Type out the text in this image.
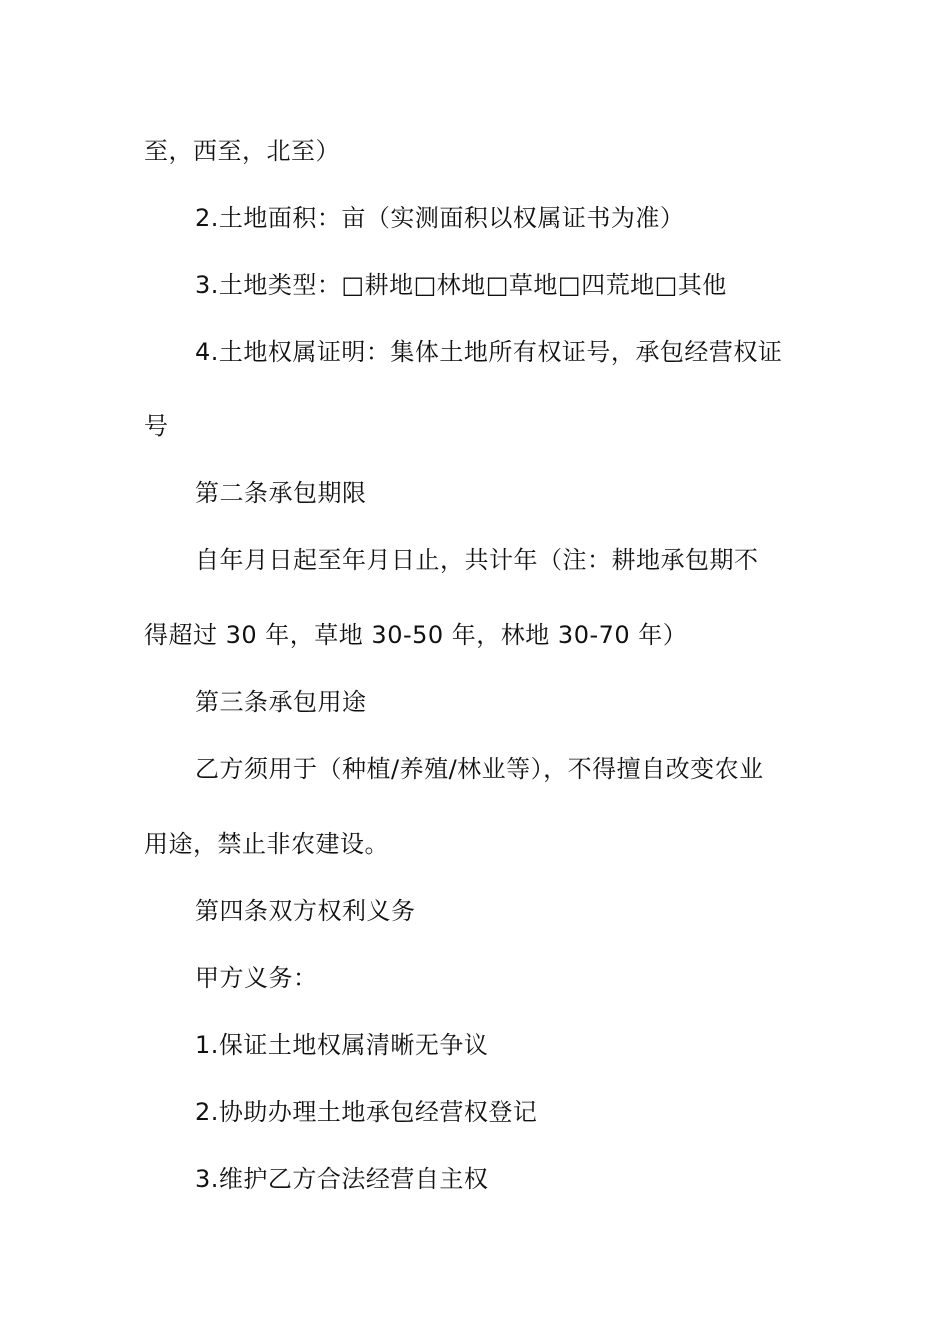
至，西至，北至）
2.土地面积：亩（实测面积以权属证书为准）
3.土地类型：□耕地□林地□草地□四荒地□其他
4.土地权属证明：集体土地所有权证号，承包经营权证
号
第二条承包期限
自年月日起至年月日止，共计年（注：耕地承包期不
得超过 30 年，草地 30-50 年，林地 30-70 年）
第三条承包用途
乙方须用于（种植/养殖/林业等），不得擅自改变农业
用途，禁止非农建设。
第四条双方权利义务
甲方义务：
1.保证土地权属清晰无争议
2.协助办理土地承包经营权登记
3.维护乙方合法经营自主权
